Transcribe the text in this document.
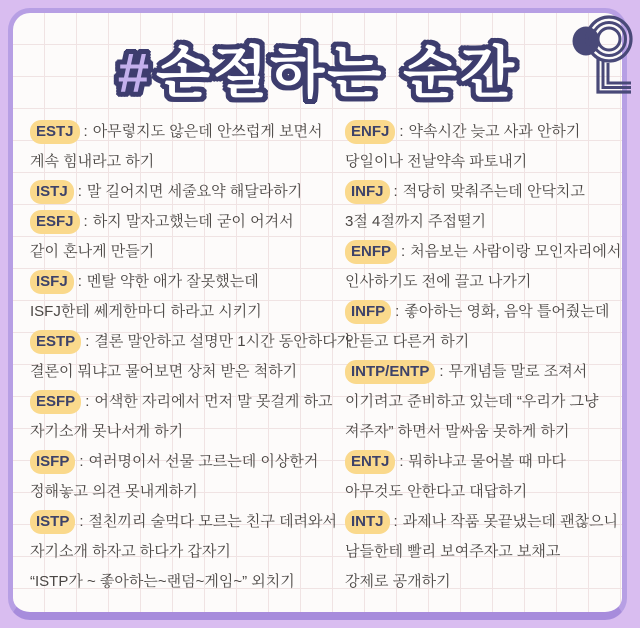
#손절하는 순간

ESTJ : 아무렇지도 않은데 안쓰럽게 보면서

계속 힘내라고 하기

ISTJ : 말 길어지면 세줄요약 해달라하기

ESFJ : 하지 말자고했는데 굳이 어겨서

같이 혼나게 만들기

ISFJ : 멘탈 약한 애가 잘못했는데

ISFJ한테 쎄게한마디 하라고 시키기

ESTP : 결론 말안하고 설명만 1시간 동안하다가

결론이 뭐냐고 물어보면 상처 받은 척하기

ESFP : 어색한 자리에서 먼저 말 못걸게 하고

자기소개 못나서게 하기

ISFP : 여러명이서 선물 고르는데 이상한거

정해놓고 의견 못내게하기

ISTP : 절친끼리 술먹다 모르는 친구 데려와서

자기소개 하자고 하다가 갑자기

“ISTP가 ~ 좋아하는~랜덤~게임~” 외치기

ENFJ : 약속시간 늦고 사과 안하기

당일이나 전날약속 파토내기

INFJ : 적당히 맞춰주는데 안닥치고

3절 4절까지 주접떨기

ENFP : 처음보는 사람이랑 모인자리에서

인사하기도 전에 끌고 나가기

INFP : 좋아하는 영화, 음악 틀어줬는데

안듣고 다른거 하기

INTP/ENTP : 무개념들 말로 조져서

이기려고 준비하고 있는데 “우리가 그냥

져주자” 하면서 말싸움 못하게 하기

ENTJ : 뭐하냐고 물어볼 때 마다

아무것도 안한다고 대답하기

INTJ : 과제나 작품 못끝냈는데 괜찮으니

남들한테 빨리 보여주자고 보채고

강제로 공개하기
